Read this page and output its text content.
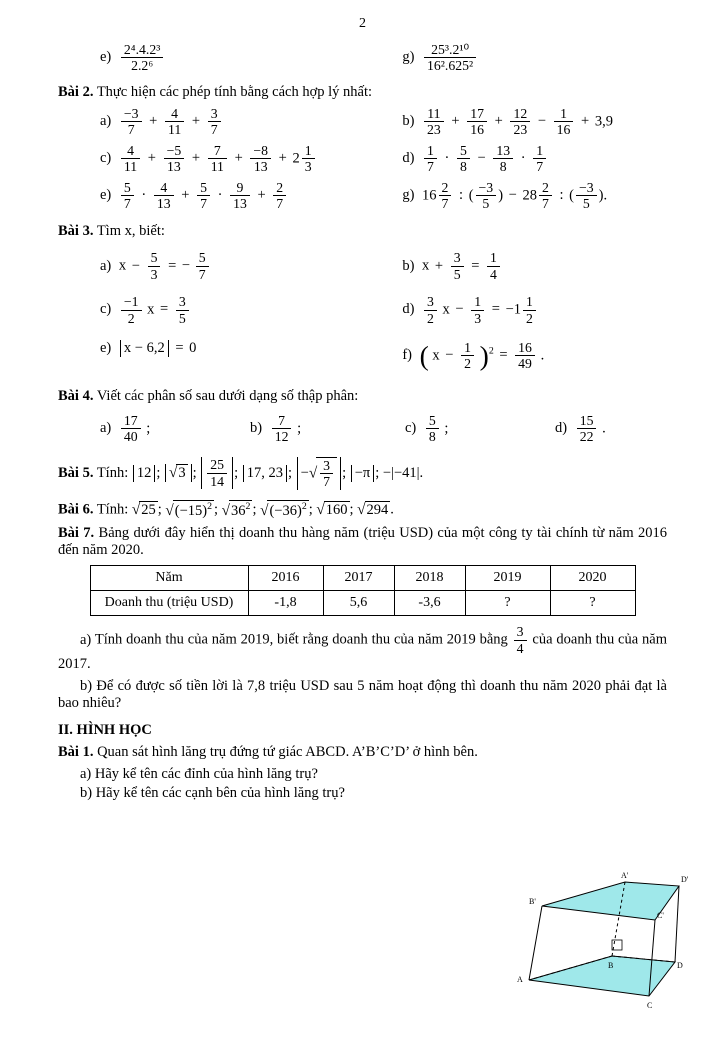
2
$e) \frac{\text{2⁴.4.2³}}{\text{2.2⁶}}$	$g) \frac{\text{25³.2¹⁰}}{\text{16².625²}}$
Bài 2. Thực hiện các phép tính bằng cách hợp lý nhất:
$a) \frac{-3}{7} + \frac{4}{11} + \frac{3}{7}$	$b) \frac{11}{23} + \frac{17}{16} + \frac{12}{23} - \frac{1}{16} + 3,9$
$c) \frac{4}{11} + \frac{-5}{13} + \frac{7}{11} + \frac{-8}{13} + 2 \frac{1}{3}$	$d) \frac{1}{7} \cdot \frac{5}{8} - \frac{13}{8} \cdot \frac{1}{7}$
$e) \frac{5}{7} \cdot \frac{4}{13} + \frac{5}{7} \cdot \frac{9}{13} + \frac{2}{7}$	g) $16 \frac{2}{7}$ : ( $\frac{-3}{5}$ ) − $28 \frac{2}{7}$ : ( $\frac{-3}{5}$ ).
Bài 3. Tìm x, biết:
a) $x - \frac{5}{3}$ = − $\frac{5}{7}$	b) $x + \frac{3}{5} = \frac{1}{4}$
$c) \frac{-1}{2}$ $x = \frac{3}{5}$	$d) \frac{3}{2}$ $x - \frac{1}{3} = -1 \frac{1}{2}$
e) x − 6,2 = 0	f) ( $x - \frac{1}{2} )^2 = \frac{16}{49}$ .
Bài 4. Viết các phân số sau dưới dạng số thập phân:
$a) \frac{17}{40}$ ;	$b) \frac{7}{12}$ ;	$c) \frac{5}{8}$ ;	$d) \frac{15}{22}$ .
Bài 5. Tính: 12 ; √3 ; $\frac{25}{14}$ ; 17, 23 ; −√ $\frac{3}{7}$ ; −π ; −|−41|.
Bài 6. Tính: √25 ; $√(-15)^2$ ; $√36^2$ ; $√(-36)^2$ ; √160 ; √294 .
Bài 7. Bảng dưới đây hiển thị doanh thu hàng năm (triệu USD) của một công ty tài chính từ năm 2016 đến năm 2020.
Năm	2016	2017	2018	2019	2020
Doanh thu (triệu USD)	-1,8	5,6	-3,6	?	?
a) Tính doanh thu của năm 2019, biết rằng doanh thu của năm 2019 bằng $\frac{3}{4}$ của doanh thu của năm 2017.
b) Để có được số tiền lời là 7,8 triệu USD sau 5 năm hoạt động thì doanh thu năm 2020 phải đạt là bao nhiêu?
II. HÌNH HỌC
Bài 1. Quan sát hình lăng trụ đứng tứ giác ABCD. A’B’C’D’ ở hình bên.
a) Hãy kể tên các đỉnh của hình lăng trụ?
b) Hãy kể tên các cạnh bên của hình lăng trụ?
A'	D'
B'
C'
A
B
C
D
